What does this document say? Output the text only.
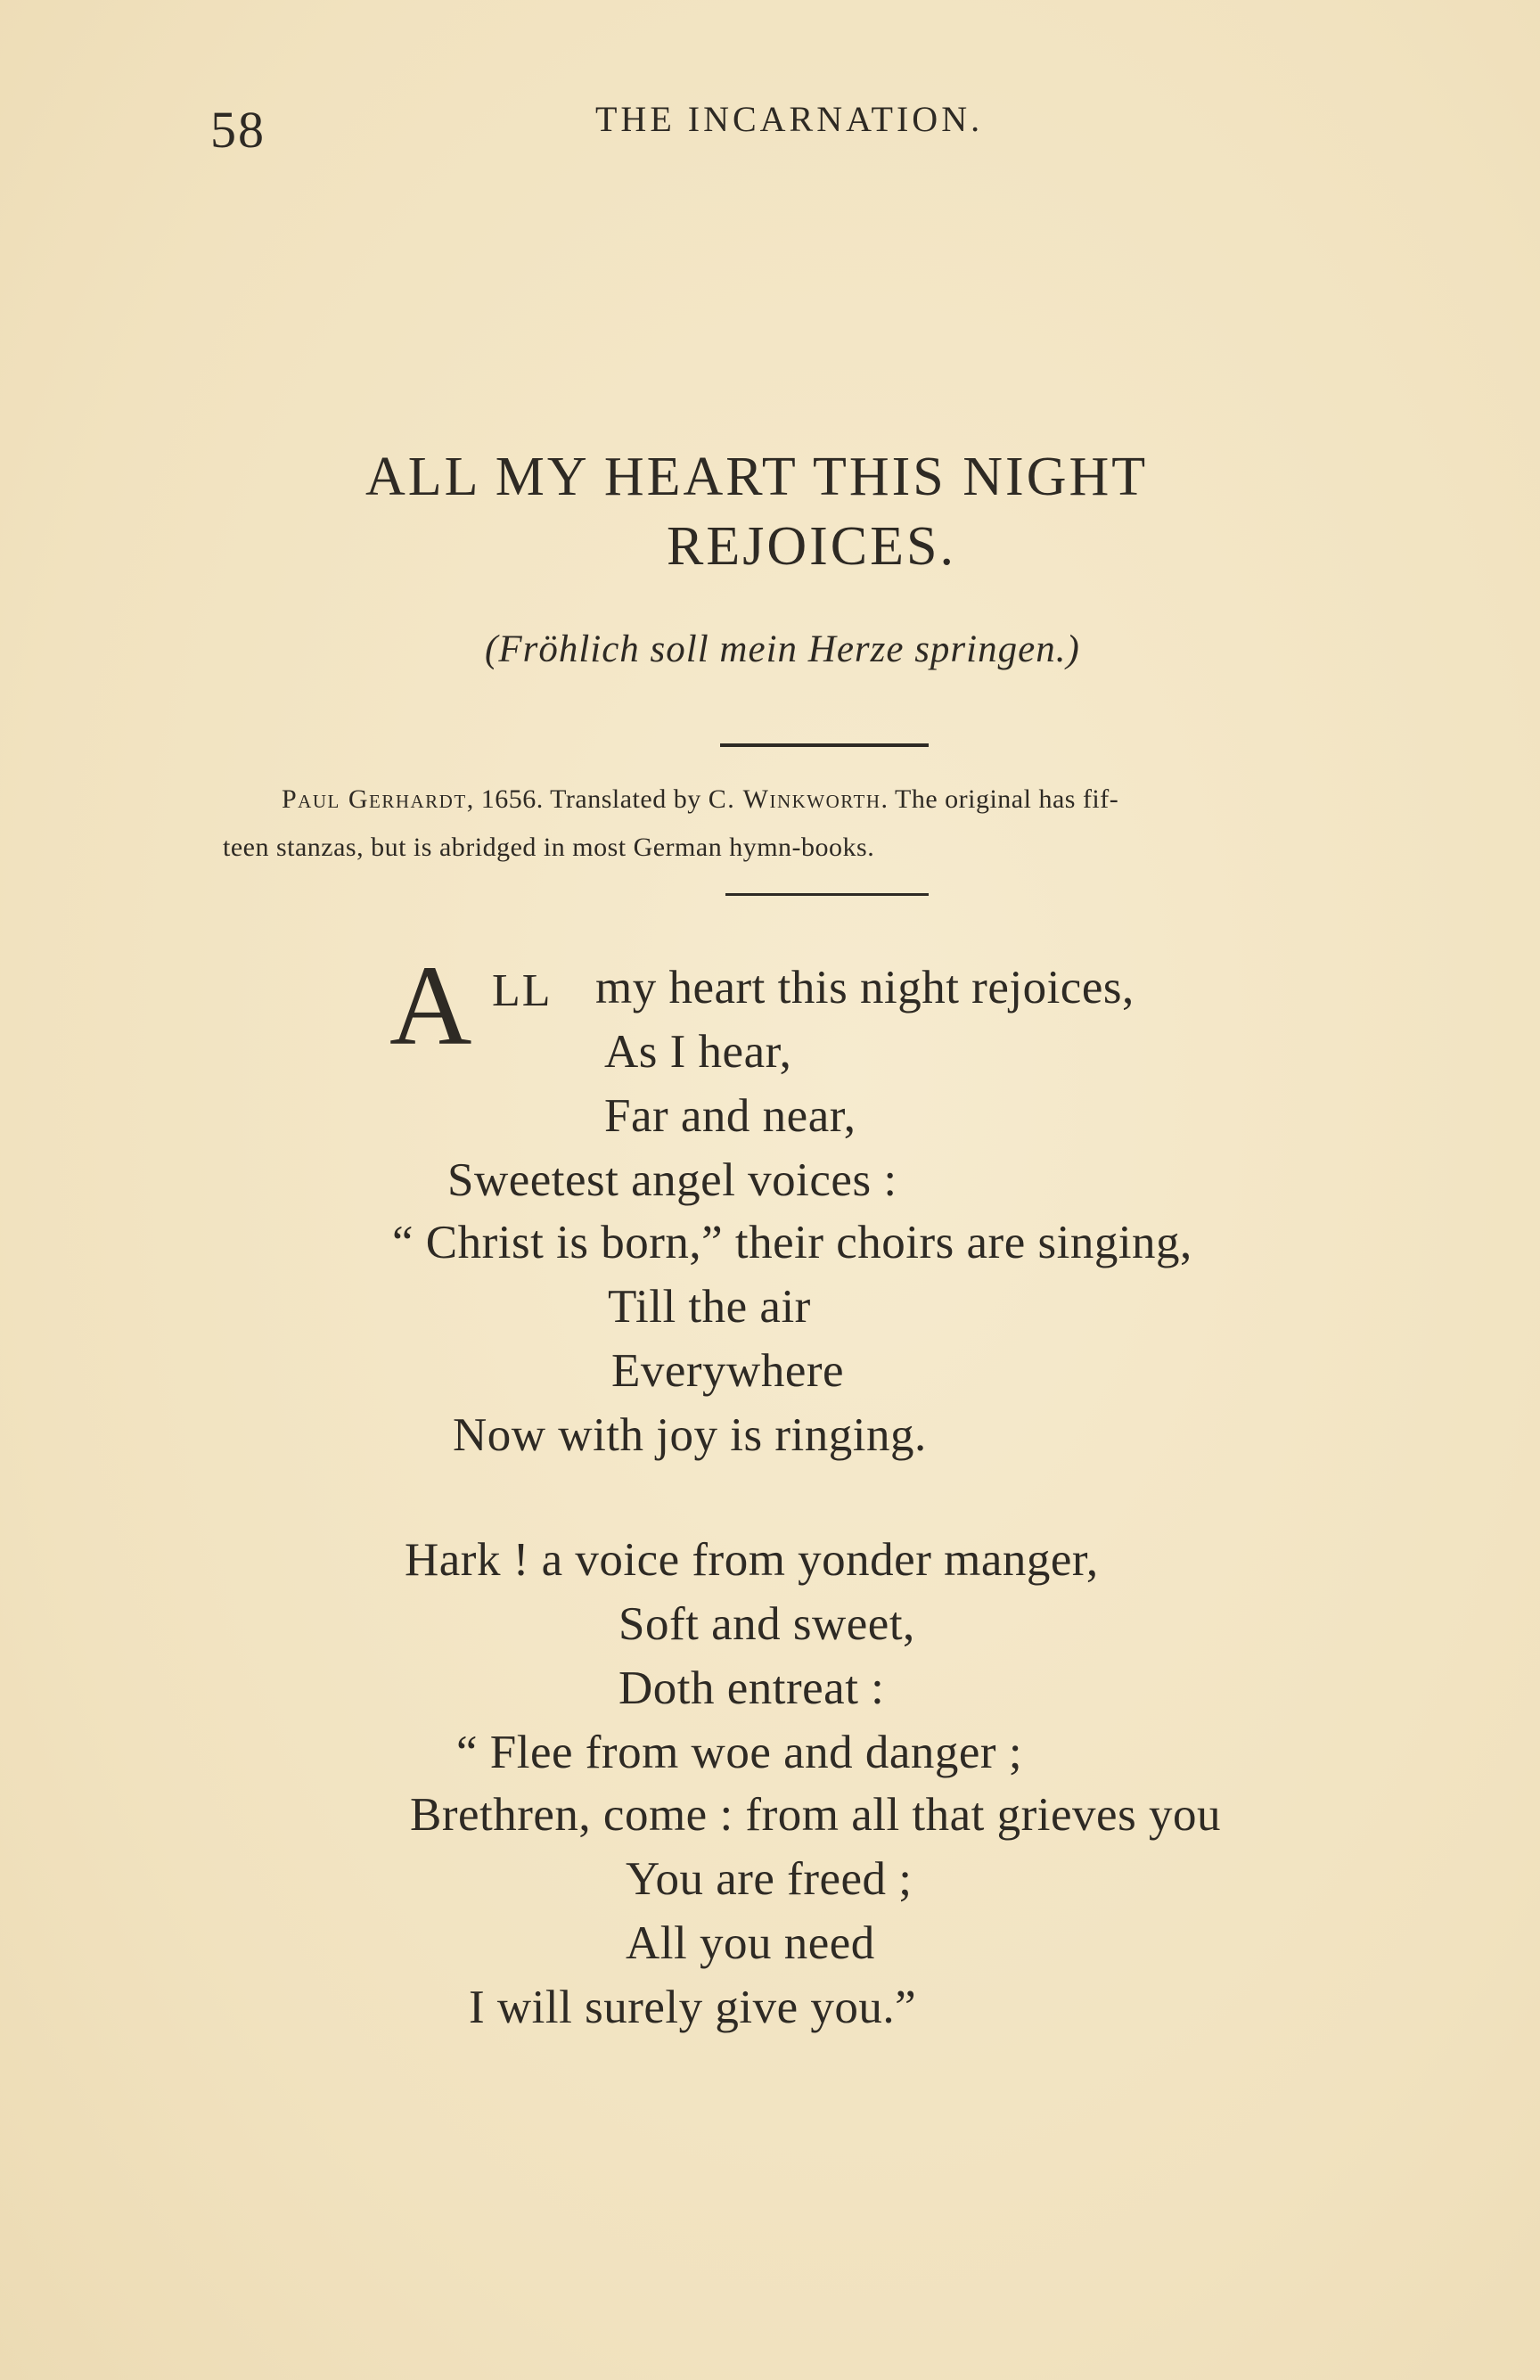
58	THE INCARNATION.
ALL MY HEART THIS NIGHT
REJOICES.
(Fröhlich soll mein Herze springen.)
Paul Gerhardt, 1656. Translated by C. Winkworth. The original has fif-
teen stanzas, but is abridged in most German hymn-books.
A LL my heart this night rejoices,
As I hear,
Far and near,
Sweetest angel voices :
“ Christ is born,” their choirs are singing,
Till the air
Everywhere
Now with joy is ringing.
Hark ! a voice from yonder manger,
Soft and sweet,
Doth entreat :
“ Flee from woe and danger ;
Brethren, come : from all that grieves you
You are freed ;
All you need
I will surely give you.”
